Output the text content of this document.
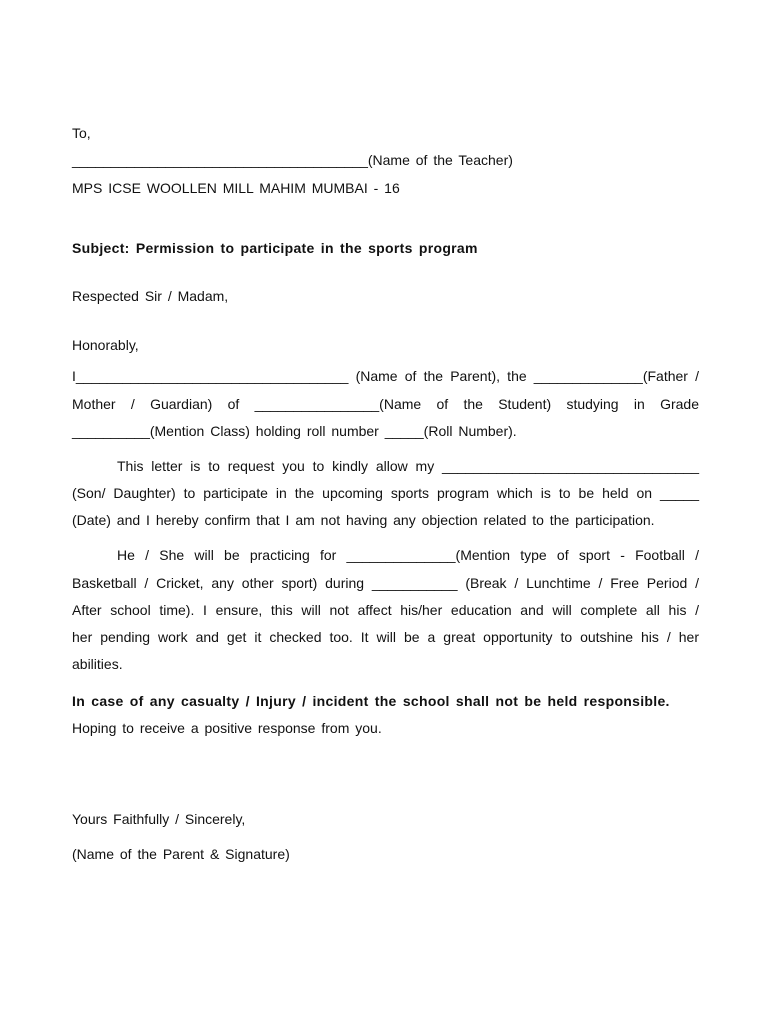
To,
______________________________________(Name of the Teacher)
MPS ICSE WOOLLEN MILL MAHIM MUMBAI - 16
Subject: Permission to participate in the sports program
Respected Sir / Madam,
Honorably,
I___________________________________ (Name of the Parent), the ______________(Father /
Mother / Guardian) of ________________(Name of the Student) studying in Grade
__________(Mention Class) holding roll number _____(Roll Number).
This letter is to request you to kindly allow my _________________________________
(Son/ Daughter) to participate in the upcoming sports program which is to be held on _____
(Date) and I hereby confirm that I am not having any objection related to the participation.
He / She will be practicing for ______________(Mention type of sport - Football /
Basketball / Cricket, any other sport) during ___________ (Break / Lunchtime / Free Period /
After school time). I ensure, this will not affect his/her education and will complete all his /
her pending work and get it checked too. It will be a great opportunity to outshine his / her
abilities.
In case of any casualty / Injury / incident the school shall not be held responsible.
Hoping to receive a positive response from you.
Yours Faithfully / Sincerely,
(Name of the Parent & Signature)
